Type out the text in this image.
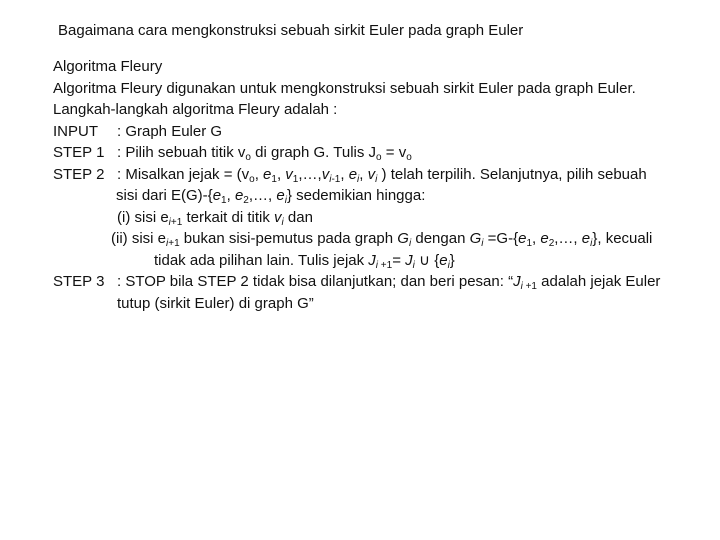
Bagaimana cara mengkonstruksi sebuah sirkit Euler pada graph Euler
Algoritma Fleury
Algoritma Fleury digunakan untuk mengkonstruksi sebuah sirkit Euler pada graph Euler.
Langkah-langkah algoritma Fleury adalah :
INPUT : Graph Euler G
STEP 1 : Pilih sebuah titik $v_o$ di graph G. Tulis $J_o = v_o$
STEP 2 : Misalkan jejak = ($v_o$, $e_1$, $v_1,\dots,v_{i-1}$, $e_i$, $v_i$ ) telah terpilih. Selanjutnya, pilih sebuah
sisi dari $E(G)-\{e_1$, $e_2,\dots$, $e_i$} sedemikian hingga:
(i) sisi $e_{i+1}$ terkait di titik $v_i$ dan
(ii) sisi $e_{i+1}$ bukan sisi-pemutus pada graph $G_i$ dengan $G_i =G-\{e_1$, $e_2,\dots$, $e_i$}, kecuali
tidak ada pilihan lain. Tulis jejak $J_i$ $_{+1}= J_i$ ∪ $\{e_i\}$
STEP 3 : STOP bila STEP 2 tidak bisa dilanjutkan; dan beri pesan: “$J_i$ $_{+1}$ adalah jejak Euler
tutup (sirkit Euler) di graph G”
